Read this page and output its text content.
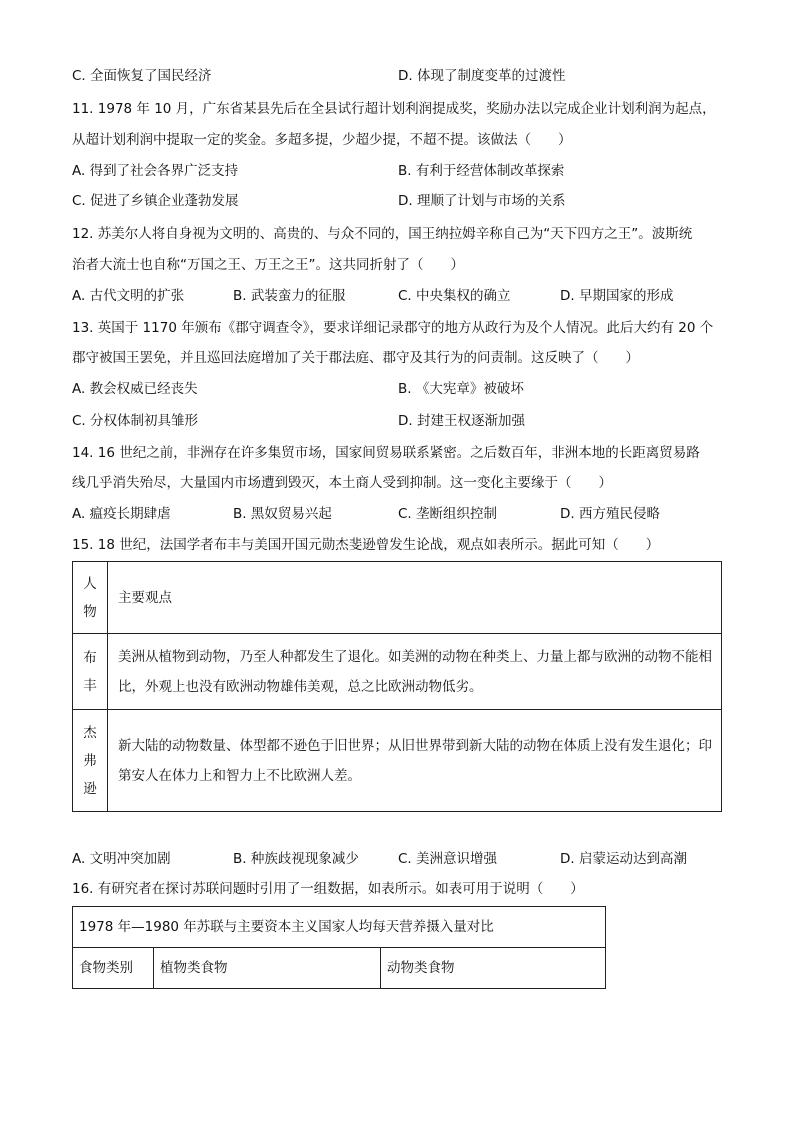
C. 全面恢复了国民经济	D. 体现了制度变革的过渡性
11. 1978 年 10 月，广东省某县先后在全县试行超计划利润提成奖，奖励办法以完成企业计划利润为起点，
从超计划利润中提取一定的奖金。多超多提，少超少提，不超不提。该做法（　　）
A. 得到了社会各界广泛支持	B. 有利于经营体制改革探索
C. 促进了乡镇企业蓬勃发展	D. 理顺了计划与市场的关系
12. 苏美尔人将自身视为文明的、高贵的、与众不同的，国王纳拉姆辛称自己为“天下四方之王”。波斯统
治者大流士也自称“万国之王、万王之王”。这共同折射了（　　）
A. 古代文明的扩张	B. 武装蛮力的征服	C. 中央集权的确立	D. 早期国家的形成
13. 英国于 1170 年颁布《郡守调查令》，要求详细记录郡守的地方从政行为及个人情况。此后大约有 20 个
郡守被国王罢免，并且巡回法庭增加了关于郡法庭、郡守及其行为的问责制。这反映了（　　）
A. 教会权威已经丧失	B. 《大宪章》被破坏
C. 分权体制初具雏形	D. 封建王权逐渐加强
14. 16 世纪之前，非洲存在许多集贸市场，国家间贸易联系紧密。之后数百年，非洲本地的长距离贸易路
线几乎消失殆尽，大量国内市场遭到毁灭，本土商人受到抑制。这一变化主要缘于（　　）
A. 瘟疫长期肆虐	B. 黑奴贸易兴起	C. 垄断组织控制	D. 西方殖民侵略
15. 18 世纪，法国学者布丰与美国开国元勋杰斐逊曾发生论战，观点如表所示。据此可知（　　）
人
物	主要观点

布
丰	美洲从植物到动物，乃至人种都发生了退化。如美洲的动物在种类上、力量上都与欧洲的动物不能相比，外观上也没有欧洲动物雄伟美观，总之比欧洲动物低劣。

杰
弗
逊	新大陆的动物数量、体型都不逊色于旧世界；从旧世界带到新大陆的动物在体质上没有发生退化；印第安人在体力上和智力上不比欧洲人差。
A. 文明冲突加剧	B. 种族歧视现象减少	C. 美洲意识增强	D. 启蒙运动达到高潮
16. 有研究者在探讨苏联问题时引用了一组数据，如表所示。如表可用于说明（　　）
1978 年—1980 年苏联与主要资本主义国家人均每天营养摄入量对比
食物类别	植物类食物	动物类食物
